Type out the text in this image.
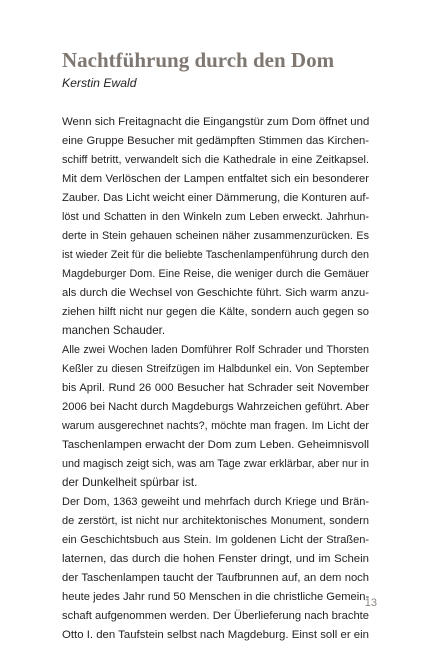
Nachtführung durch den Dom

Kerstin Ewald

Wenn sich Freitagnacht die Eingangstür zum Dom öffnet und
eine Gruppe Besucher mit gedämpften Stimmen das Kirchen-
schiff betritt, verwandelt sich die Kathedrale in eine Zeitkapsel.
Mit dem Verlöschen der Lampen entfaltet sich ein besonderer
Zauber. Das Licht weicht einer Dämmerung, die Konturen auf-
löst und Schatten in den Winkeln zum Leben erweckt. Jahrhun-
derte in Stein gehauen scheinen näher zusammenzurücken. Es
ist wieder Zeit für die beliebte Taschenlampenführung durch den
Magdeburger Dom. Eine Reise, die weniger durch die Gemäuer
als durch die Wechsel von Geschichte führt. Sich warm anzu-
ziehen hilft nicht nur gegen die Kälte, sondern auch gegen so
manchen Schauder.
Alle zwei Wochen laden Domführer Rolf Schrader und Thorsten
Keßler zu diesen Streifzügen im Halbdunkel ein. Von September
bis April. Rund 26 000 Besucher hat Schrader seit November
2006 bei Nacht durch Magdeburgs Wahrzeichen geführt. Aber
warum ausgerechnet nachts?, möchte man fragen. Im Licht der
Taschenlampen erwacht der Dom zum Leben. Geheimnisvoll
und magisch zeigt sich, was am Tage zwar erklärbar, aber nur in
der Dunkelheit spürbar ist.
Der Dom, 1363 geweiht und mehrfach durch Kriege und Brän-
de zerstört, ist nicht nur architektonisches Monument, sondern
ein Geschichtsbuch aus Stein. Im goldenen Licht der Straßen-
laternen, das durch die hohen Fenster dringt, und im Schein
der Taschenlampen taucht der Taufbrunnen auf, an dem noch
heute jedes Jahr rund 50 Menschen in die christliche Gemein-
schaft aufgenommen werden. Der Überlieferung nach brachte
Otto I. den Taufstein selbst nach Magdeburg. Einst soll er ein
13
